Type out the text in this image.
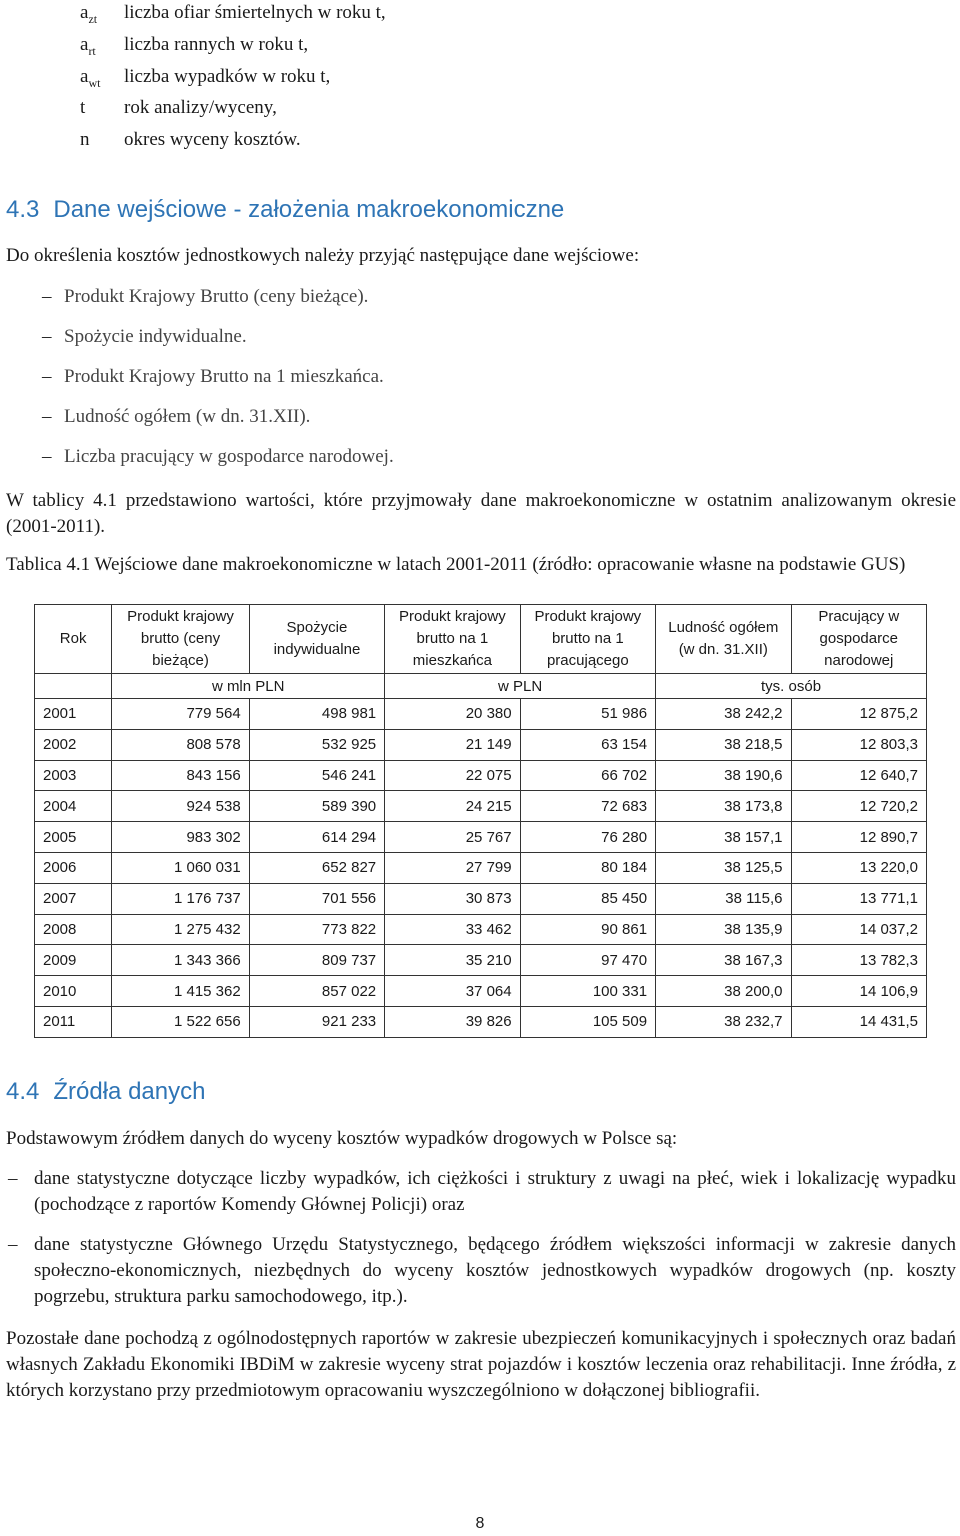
$a_{zt}$	liczba ofiar śmiertelnych w roku t,
$a_{rt}$	liczba rannych w roku t,
$a_{wt}$	liczba wypadków w roku t,
t	rok analizy/wyceny,
n	okres wyceny kosztów.
4.3 Dane wejściowe - założenia makroekonomiczne
Do określenia kosztów jednostkowych należy przyjąć następujące dane wejściowe:
– Produkt Krajowy Brutto (ceny bieżące).
– Spożycie indywidualne.
– Produkt Krajowy Brutto na 1 mieszkańca.
– Ludność ogółem (w dn. 31.XII).
– Liczba pracujący w gospodarce narodowej.
W tablicy 4.1 przedstawiono wartości, które przyjmowały dane makroekonomiczne w ostatnim analizowanym okresie (2001-2011).
Tablica 4.1 Wejściowe dane makroekonomiczne w latach 2001-2011 (źródło: opracowanie własne na podstawie GUS)
Rok	Produkt krajowy brutto (ceny bieżące)	Spożycie indywidualne	Produkt krajowy brutto na 1 mieszkańca	Produkt krajowy brutto na 1 pracującego	Ludność ogółem (w dn. 31.XII)	Pracujący w gospodarce narodowej
	w mln PLN		w PLN		tys. osób	
2001	779 564	498 981	20 380	51 986	38 242,2	12 875,2
2002	808 578	532 925	21 149	63 154	38 218,5	12 803,3
2003	843 156	546 241	22 075	66 702	38 190,6	12 640,7
2004	924 538	589 390	24 215	72 683	38 173,8	12 720,2
2005	983 302	614 294	25 767	76 280	38 157,1	12 890,7
2006	1 060 031	652 827	27 799	80 184	38 125,5	13 220,0
2007	1 176 737	701 556	30 873	85 450	38 115,6	13 771,1
2008	1 275 432	773 822	33 462	90 861	38 135,9	14 037,2
2009	1 343 366	809 737	35 210	97 470	38 167,3	13 782,3
2010	1 415 362	857 022	37 064	100 331	38 200,0	14 106,9
2011	1 522 656	921 233	39 826	105 509	38 232,7	14 431,5
4.4 Źródła danych
Podstawowym źródłem danych do wyceny kosztów wypadków drogowych w Polsce są:
– dane statystyczne dotyczące liczby wypadków, ich ciężkości i struktury z uwagi na płeć, wiek i lokalizację wypadku (pochodzące z raportów Komendy Głównej Policji) oraz
– dane statystyczne Głównego Urzędu Statystycznego, będącego źródłem większości informacji w zakresie danych społeczno-ekonomicznych, niezbędnych do wyceny kosztów jednostkowych wypadków drogowych (np. koszty pogrzebu, struktura parku samochodowego, itp.).
Pozostałe dane pochodzą z ogólnodostępnych raportów w zakresie ubezpieczeń komunikacyjnych i społecznych oraz badań własnych Zakładu Ekonomiki IBDiM w zakresie wyceny strat pojazdów i kosztów leczenia oraz rehabilitacji. Inne źródła, z których korzystano przy przedmiotowym opracowaniu wyszczególniono w dołączonej bibliografii.
8
